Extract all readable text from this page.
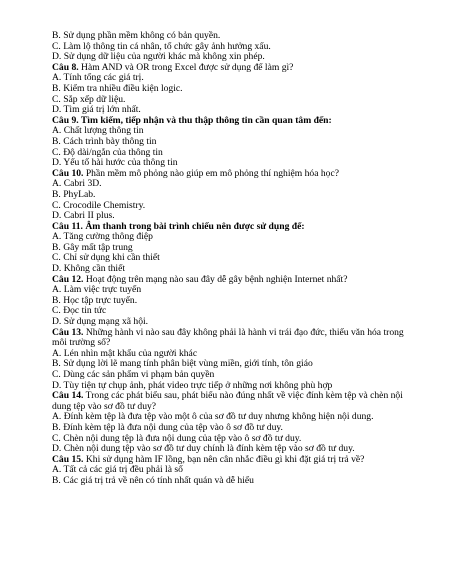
B. Sử dụng phần mềm không có bản quyền.
C. Làm lộ thông tin cá nhân, tổ chức gây ảnh hưởng xấu.
D. Sử dụng dữ liệu của người khác mà không xin phép.
Câu 8. Hàm AND và OR trong Excel được sử dụng để làm gì?
A. Tính tổng các giá trị.
B. Kiểm tra nhiều điều kiện logic.
C. Sắp xếp dữ liệu.
D. Tìm giá trị lớn nhất.
Câu 9. Tìm kiếm, tiếp nhận và thu thập thông tin cần quan tâm đến:
A. Chất lượng thông tin
B. Cách trình bày thông tin
C. Độ dài/ngắn của thông tin
D. Yếu tố hài hước của thông tin
Câu 10. Phần mềm mô phỏng nào giúp em mô phỏng thí nghiệm hóa học?
A. Cabri 3D.
B. PhyLab.
C. Crocodile Chemistry.
D. Cabri II plus.
Câu 11. Âm thanh trong bài trình chiếu nên được sử dụng để:
A. Tăng cường thông điệp
B. Gây mất tập trung
C. Chỉ sử dụng khi cần thiết
D. Không cần thiết
Câu 12. Hoạt động trên mạng nào sau đây dễ gây bệnh nghiện Internet nhất?
A. Làm việc trực tuyến
B. Học tập trực tuyến.
C. Đọc tin tức
D. Sử dụng mạng xã hội.
Câu 13. Những hành vi nào sau đây không phải là hành vi trái đạo đức, thiếu văn hóa trong môi trường số?
A. Lén nhìn mật khẩu của người khác
B. Sử dụng lời lẽ mang tính phân biệt vùng miền, giới tính, tôn giáo
C. Dùng các sản phẩm vi phạm bản quyền
D. Tùy tiện tự chụp ảnh, phát video trực tiếp ở những nơi không phù hợp
Câu 14. Trong các phát biểu sau, phát biểu nào đúng nhất về việc đính kèm tệp và chèn nội dung tệp vào sơ đồ tư duy?
A. Đính kèm tệp là đưa tệp vào một ô của sơ đồ tư duy nhưng không hiện nội dung.
B. Đính kèm tệp là đưa nội dung của tệp vào ô sơ đồ tư duy.
C. Chèn nội dung tệp là đưa nội dung của tệp vào ô sơ đồ tư duy.
D. Chèn nội dung tệp vào sơ đồ tư duy chính là đính kèm tệp vào sơ đồ tư duy.
Câu 15. Khi sử dụng hàm IF lồng, bạn nên cân nhắc điều gì khi đặt giá trị trả về?
A. Tất cả các giá trị đều phải là số
B. Các giá trị trả về nên có tính nhất quán và dễ hiểu
